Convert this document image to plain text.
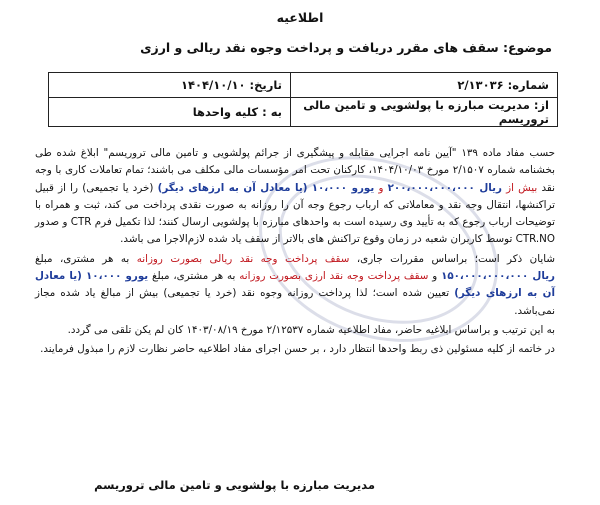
اطلاعیه
موضوع: سقف های مقرر دریافت و پرداخت وجوه نقد ریالی و ارزی
شماره: ۲/۱۳۰۳۶	تاریخ: ۱۴۰۴/۱۰/۱۰
از: مدیریت مبارزه با پولشویی و تامین مالی تروریسم	به : کلیه واحدها

حسب مفاد ماده ۱۳۹ "آیین نامه اجرایی مقابله و پیشگیری از جرائم پولشویی و تامین مالی تروریسم" ابلاغ شده طی بخشنامه شماره ۲/۱۵۰۷ مورخ ۱۴۰۴/۱۰/۰۳، کارکنان تحت امر مؤسسات مالی مکلف می باشند؛ تمام تعاملات کاری با وجه نقد بیش از ۲۰۰،۰۰۰،۰۰۰،۰۰۰ ریال و ۱۰،۰۰۰ یورو (یا معادل آن به ارزهای دیگر) (خرد یا تجمیعی) را از قبیل تراکنشها، انتقال وجه نقد و معاملاتی که ارباب رجوع وجه آن را روزانه به صورت نقدی پرداخت می کند، ثبت و همراه با توضیحات ارباب رجوع که به تأیید وی رسیده است به واحدهای مبارزه با پولشویی ارسال کنند؛ لذا تکمیل فرم CTR و صدور CTR.NO توسط کاربران شعبه در زمان وقوع تراکنش های بالاتر از سقف یاد شده لازم‌الاجرا می باشد.

شایان ذکر است؛ براساس مقررات جاری، سقف پرداخت وجه نقد ریالی بصورت روزانه به هر مشتری، مبلغ ۱۵۰،۰۰۰،۰۰۰،۰۰۰ ریال و سقف پرداخت وجه نقد ارزی بصورت روزانه به هر مشتری، مبلغ ۱۰،۰۰۰ یورو (یا معادل آن به ارزهای دیگر) تعیین شده است؛ لذا پرداخت روزانه وجوه نقد (خرد یا تجمیعی) بیش از مبالغ یاد شده مجاز نمی‌باشد.

به این ترتیب و براساس ابلاغیه حاضر، مفاد اطلاعیه شماره ۲/۱۲۵۳۷ مورخ ۱۴۰۳/۰۸/۱۹ کان لم یکن تلقی می گردد.

در خاتمه از کلیه مسئولین ذی ربط واحدها انتظار دارد ، بر حسن اجرای مفاد اطلاعیه حاضر نظارت لازم را مبذول فرمایند.

مدیریت مبارزه با پولشویی و تامین مالی تروریسم
